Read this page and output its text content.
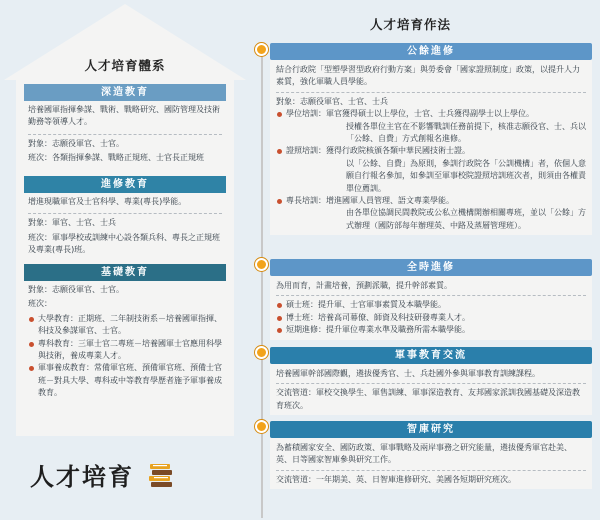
人才培育體系
深造教育
培養國軍指揮參謀、戰術、戰略研究、國防管理及技術勤務等領導人才。
對象：志願役軍官、士官。
班次：各類指揮參謀、戰略正規班、士官長正規班
進修教育
增進現職軍官及士官科學、專業(專長)學能。
對象：軍官、士官、士兵
班次：軍事學校或訓練中心設各類兵科、專長之正規班及專業(專長)班。
基礎教育
對象：志願役軍官、士官。
班次：
大學教育：正期班、二年制技術系－培養國軍指揮、科技及參謀軍官、士官。
專科教育：三軍士官二專班－培養國軍士官應用科學與技術，養成專業人才。
軍事養成教育：常備軍官班、預備軍官班、預備士官班－對具大學、專科或中等教育學歷者施予軍事養成教育。
人才培育
人才培育作法
公餘進修
結合行政院「型塑學習型政府行動方案」與勞委會「國家證照制度」政策，以提升人力素質，強化軍職人員學能。
對象：志願役軍官、士官、士兵
學位培訓：軍官獲得碩士以上學位，士官、士兵獲得副學士以上學位。
授權各單位主官在不影響戰訓任務前提下，核准志願役官、士、兵以「公餘、自費」方式創報名進修。
證照培訓：獲得行政院核頒各類中華民國技術士證。
以「公餘、自費」為原則，參訓行政院各「公訓機構」者，依個人意願自行報名參加，如參訓至軍事校院證照培訓班次者，則須由各權責單位薦訓。
專長培訓：增進國軍人員管理、語文專業學能。
由各單位協調民間教院或公私立機構開辦相關專班，並以「公餘」方式辦理（國防部每年辦理英、中路及蒸層管理班）。
全時進修
為用而育，計畫培養，預劃派職，提升幹部素質。
碩士班：提升軍、士官軍事素質及本職學能。
博士班：培養高司幕僚、師資及科技研發專業人才。
短期進修：提升軍位專業水準及職務所需本職學能。
軍事教育交流
培養國軍幹部國際觀，遴拔優秀官、士、兵赴國外參與軍事教育訓練課程。
交流管道：軍校交換學生、軍售訓練、軍事深造教育、友邦國家派訓我國基礎及深造教育班次。
智庫研究
為蓄積國家安全、國防政策、軍事戰略及兩岸事務之研究能量，遴拔優秀軍官赴美、英、日等國家智庫參與研究工作。
交流管道：一年期美、英、日智庫進修研究、美國各短期研究班次。
